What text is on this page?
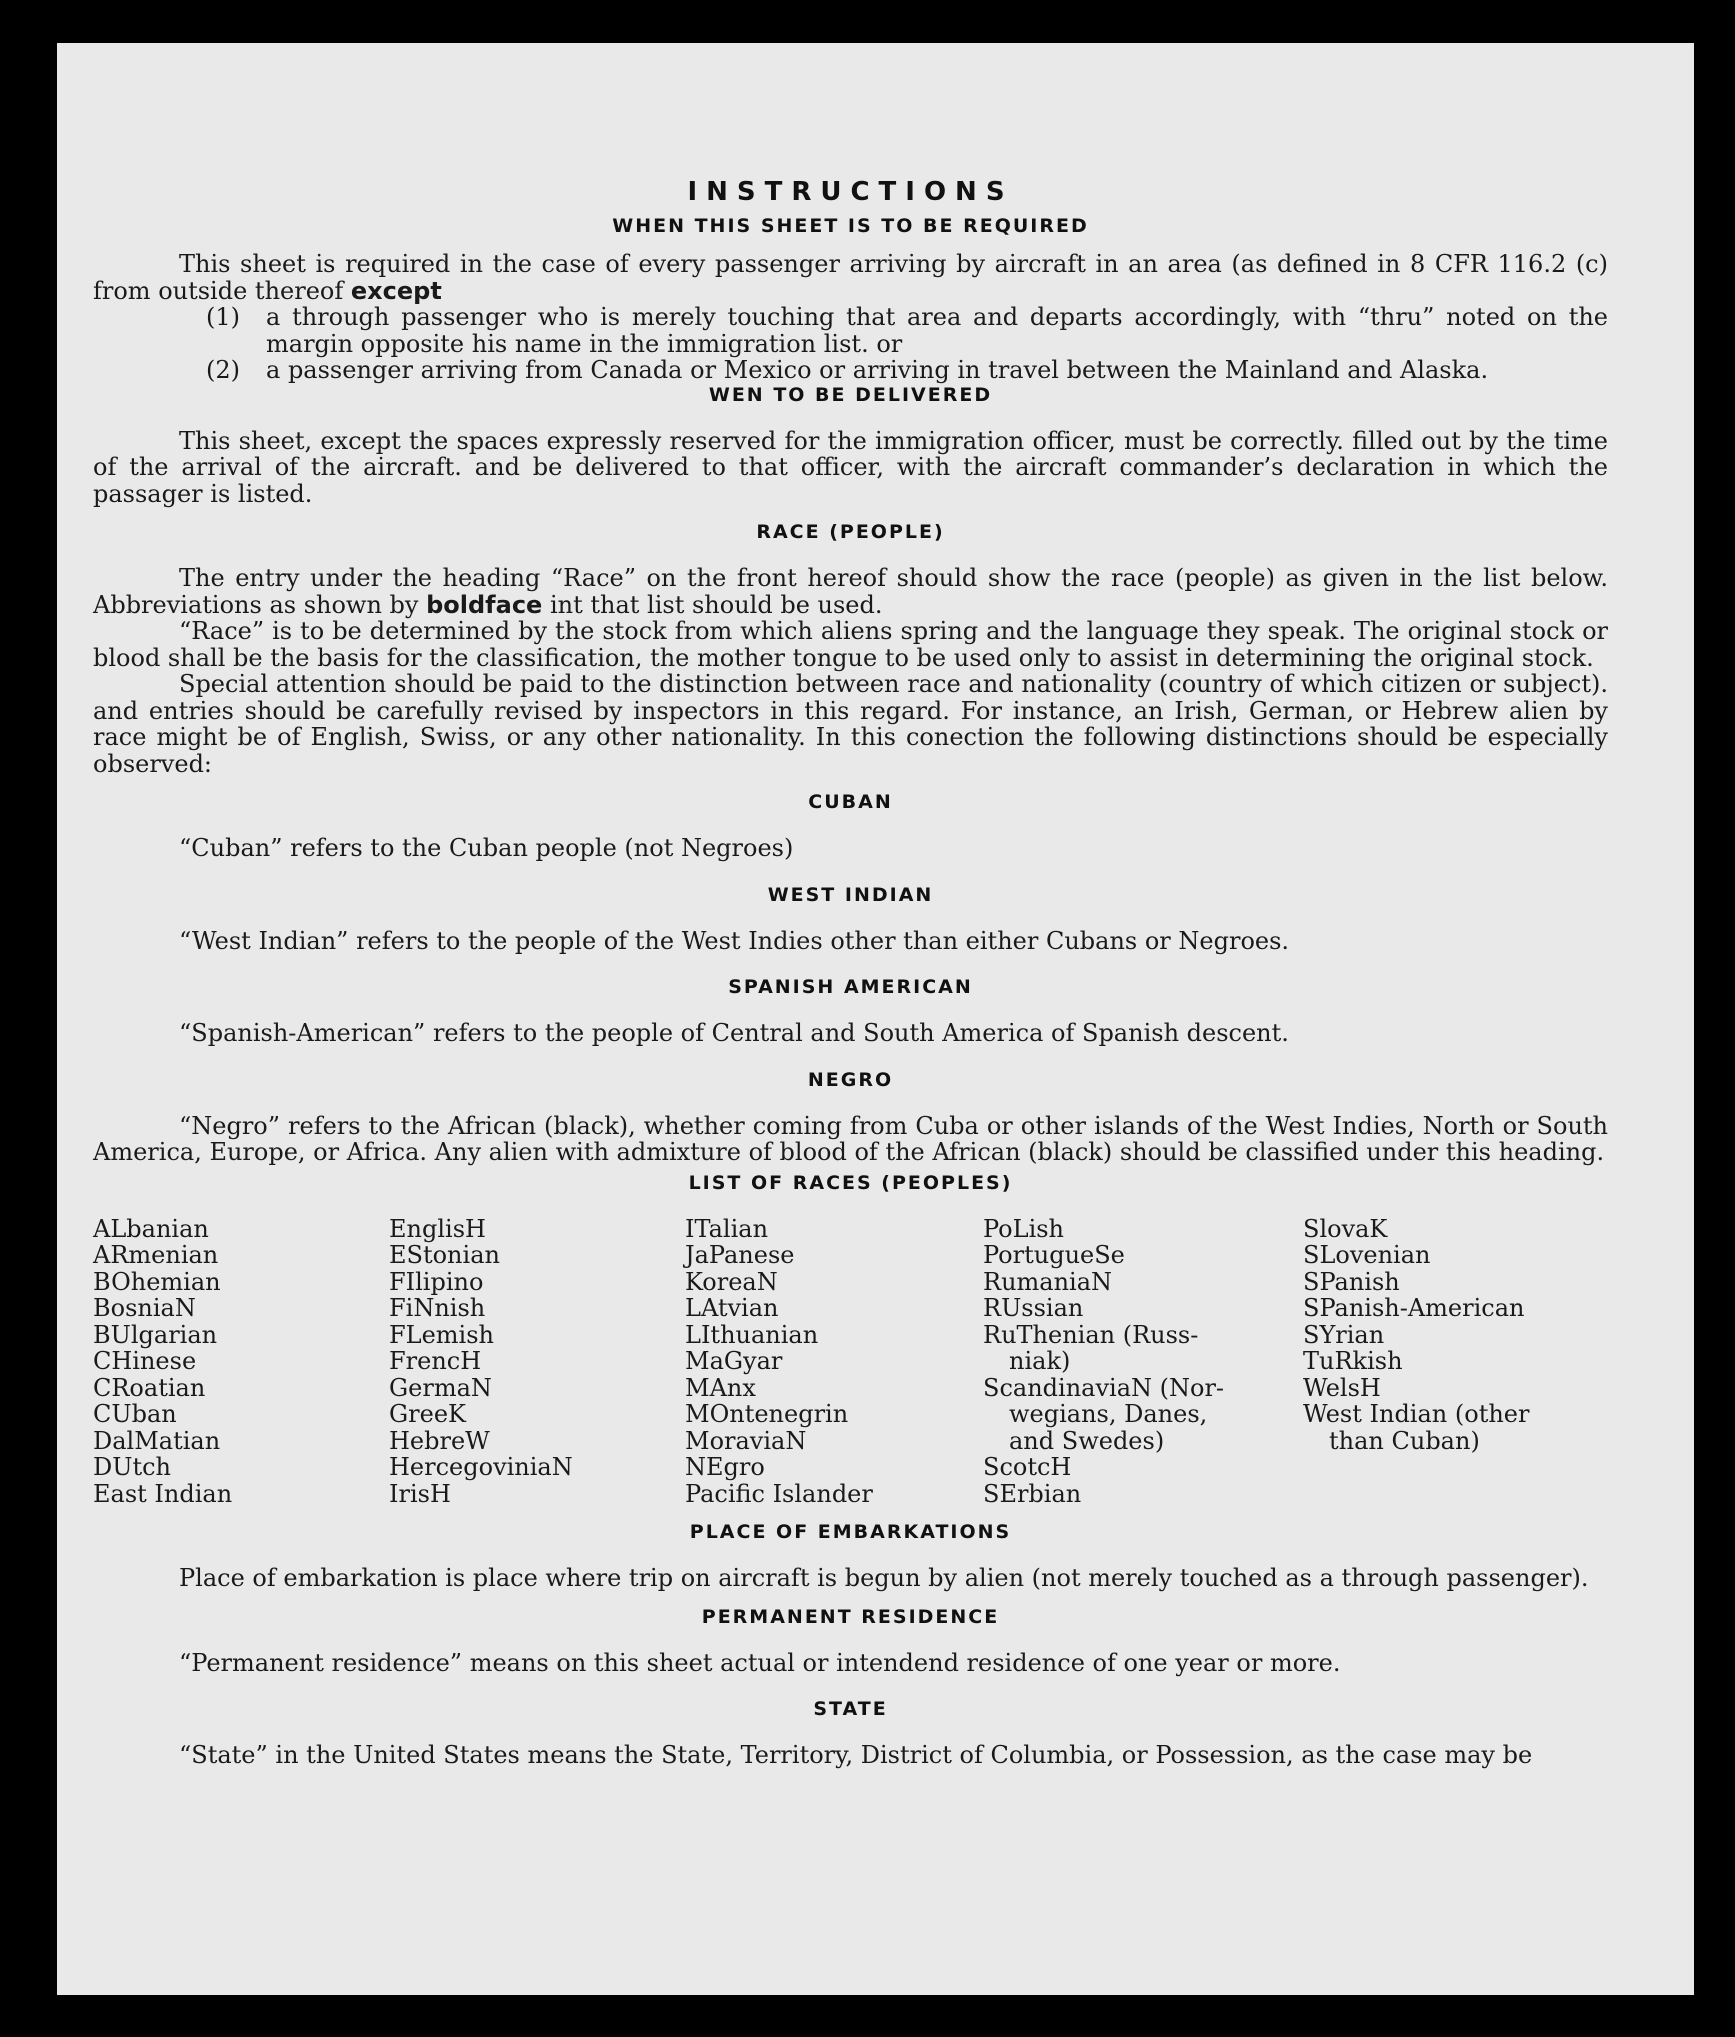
INSTRUCTIONS
WHEN THIS SHEET IS TO BE REQUIRED
This sheet is required in the case of every passenger arriving by aircraft in an area (as defined in 8 CFR 116.2 (c) from outside thereof except
(1)	a through passenger who is merely touching that area and departs accordingly, with “thru” noted on the margin opposite his name in the immigration list. or
(2)	a passenger arriving from Canada or Mexico or arriving in travel between the Mainland and Alaska.
WEN TO BE DELIVERED
This sheet, except the spaces expressly reserved for the immigration officer, must be correctly. filled out by the time of the arrival of the aircraft. and be delivered to that officer, with the aircraft commander’s declaration in which the passager is listed.
RACE (PEOPLE)
The entry under the heading “Race” on the front hereof should show the race (people) as given in the list below. Abbreviations as shown by boldface int that list should be used.
“Race” is to be determined by the stock from which aliens spring and the language they speak. The original stock or blood shall be the basis for the classification, the mother tongue to be used only to assist in determining the original stock.
Special attention should be paid to the distinction between race and nationality (country of which citizen or subject). and entries should be carefully revised by inspectors in this regard. For instance, an Irish, German, or Hebrew alien by race might be of English, Swiss, or any other nationality. In this conection the following distinctions should be especially observed:
CUBAN
“Cuban” refers to the Cuban people (not Negroes)
WEST INDIAN
“West Indian” refers to the people of the West Indies other than either Cubans or Negroes.
SPANISH AMERICAN
“Spanish-American” refers to the people of Central and South America of Spanish descent.
NEGRO
“Negro” refers to the African (black), whether coming from Cuba or other islands of the West Indies, North or South America, Europe, or Africa. Any alien with admixture of blood of the African (black) should be classified under this heading.
LIST OF RACES (PEOPLES)
ALbanian
ARmenian
BOhemian
BosniaN
BUlgarian
CHinese
CRoatian
CUban
DalMatian
DUtch
East Indian
EnglisH
EStonian
FIlipino
FiNnish
FLemish
FrencH
GermaN
GreeK
HebreW
HercegoviniaN
IrisH
ITalian
JaPanese
KoreaN
LAtvian
LIthuanian
MaGyar
MAnx
MOntenegrin
MoraviaN
NEgro
Pacific Islander
PoLish
PortugueSe
RumaniaN
RUssian
RuThenian (Russ-
niak)
ScandinaviaN (Nor-
wegians, Danes,
and Swedes)
ScotcH
SErbian
SlovaK
SLovenian
SPanish
SPanish-American
SYrian
TuRkish
WelsH
West Indian (other
than Cuban)
PLACE OF EMBARKATIONS
Place of embarkation is place where trip on aircraft is begun by alien (not merely touched as a through passenger).
PERMANENT RESIDENCE
“Permanent residence” means on this sheet actual or intendend residence of one year or more.
STATE
“State” in the United States means the State, Territory, District of Columbia, or Possession, as the case may be
